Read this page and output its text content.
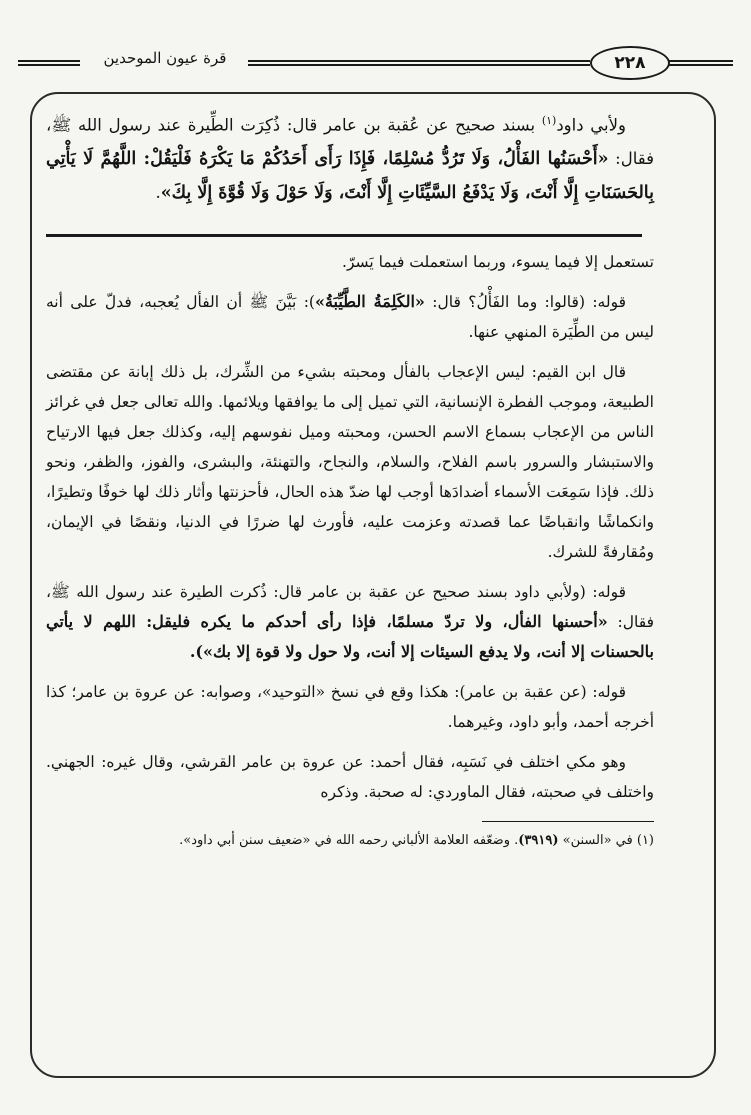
٢٢٨
قرة عيون الموحدين

ولأبي داود$^{(١)}$ بسند صحيح عن عُقبة بن عامر قال: ذُكِرَت الطِّيرة عند رسول الله ﷺ، فقال: «أَحْسَنُها الفَأْلُ، وَلَا تَرُدُّ مُسْلِمًا، فَإِذَا رَأَى أَحَدُكُمْ مَا يَكْرَهُ فَلْيَقُلْ: اللَّهُمَّ لَا يَأْتِي بِالحَسَنَاتِ إِلَّا أَنْتَ، وَلَا يَدْفَعُ السَّيِّئَاتِ إِلَّا أَنْتَ، وَلَا حَوْلَ وَلَا قُوَّةَ إِلَّا بِكَ».

تستعمل إلا فيما يسوء، وربما استعملت فيما يَسرّ.

قوله: (قالوا: وما الفَأْلُ؟ قال: «الكَلِمَةُ الطَّيِّبَةُ»): بَيَّنَ ﷺ أن الفأل يُعجبه، فدلّ على أنه ليس من الطِّيَرة المنهي عنها.

قال ابن القيم: ليس الإعجاب بالفأل ومحبته بشيء من الشِّرك، بل ذلك إبانة عن مقتضى الطبيعة، وموجب الفطرة الإنسانية، التي تميل إلى ما يوافقها ويلائمها. والله تعالى جعل في غرائز الناس من الإعجاب بسماع الاسم الحسن، ومحبته وميل نفوسهم إليه، وكذلك جعل فيها الارتياح والاستبشار والسرور باسم الفلاح، والسلام، والنجاح، والتهنئة، والبشرى، والفوز، والظفر، ونحو ذلك. فإذا سَمِعَت الأسماء أضدادَها أوجب لها ضدّ هذه الحال، فأحزنتها وأثار ذلك لها خوفًا وتطيرًا، وانكماشًا وانقباضًا عما قصدته وعزمت عليه، فأورث لها ضررًا في الدنيا، ونقصًا في الإيمان، ومُقارفةً للشرك.

قوله: (ولأبي داود بسند صحيح عن عقبة بن عامر قال: ذُكرت الطيرة عند رسول الله ﷺ، فقال: «أحسنها الفأل، ولا تردّ مسلمًا، فإذا رأى أحدكم ما يكره فليقل: اللهم لا يأتي بالحسنات إلا أنت، ولا يدفع السيئات إلا أنت، ولا حول ولا قوة إلا بك»).

قوله: (عن عقبة بن عامر): هكذا وقع في نسخ «التوحيد»، وصوابه: عن عروة بن عامر؛ كذا أخرجه أحمد، وأبو داود، وغيرهما.

وهو مكي اختلف في نَسَبِه، فقال أحمد: عن عروة بن عامر القرشي، وقال غيره: الجهني. واختلف في صحبته، فقال الماوردي: له صحبة. وذكره

(١) في «السنن» (٣٩١٩). وضعّفه العلامة الألباني رحمه الله في «ضعيف سنن أبي داود».
